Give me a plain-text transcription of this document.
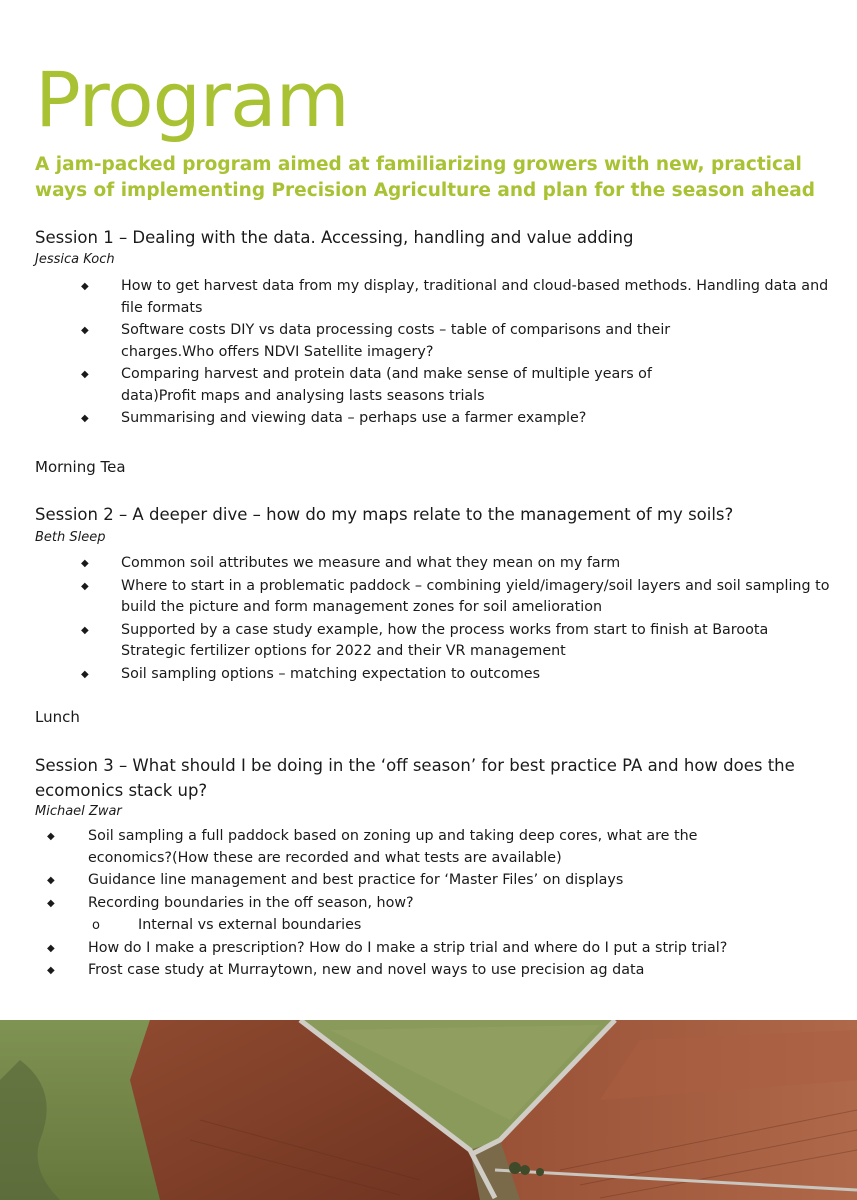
Program

A jam-packed program aimed at familiarizing growers with new, practical ways of implementing Precision Agriculture and plan for the season ahead

Session 1 – Dealing with the data. Accessing, handling and value adding

Jessica Koch

◆ How to get harvest data from my display, traditional and cloud-based methods. Handling data and file formats
◆ Software costs DIY vs data processing costs – table of comparisons and their charges.Who offers NDVI Satellite imagery?
◆ Comparing harvest and protein data (and make sense of multiple years of data)Profit maps and analysing lasts seasons trials
◆ Summarising and viewing data – perhaps use a farmer example?

Morning Tea

Session 2 – A deeper dive – how do my maps relate to the management of my soils?

Beth Sleep

◆ Common soil attributes we measure and what they mean on my farm
◆ Where to start in a problematic paddock – combining yield/imagery/soil layers and soil sampling to build the picture and form management zones for soil amelioration
◆ Supported by a case study example, how the process works from start to finish at Baroota Strategic fertilizer options for 2022 and their VR management
◆ Soil sampling options – matching expectation to outcomes

Lunch

Session 3 – What should I be doing in the ‘off season’ for best practice PA and how does the ecomonics stack up?

Michael Zwar

◆ Soil sampling a full paddock based on zoning up and taking deep cores, what are the economics?(How these are recorded and what tests are available)
◆ Guidance line management and best practice for ‘Master Files’ on displays
◆ Recording boundaries in the off season, how?
o	Internal vs external boundaries
◆ How do I make a prescription? How do I make a strip trial and where do I put a strip trial?
◆ Frost case study at Murraytown, new and novel ways to use precision ag data
